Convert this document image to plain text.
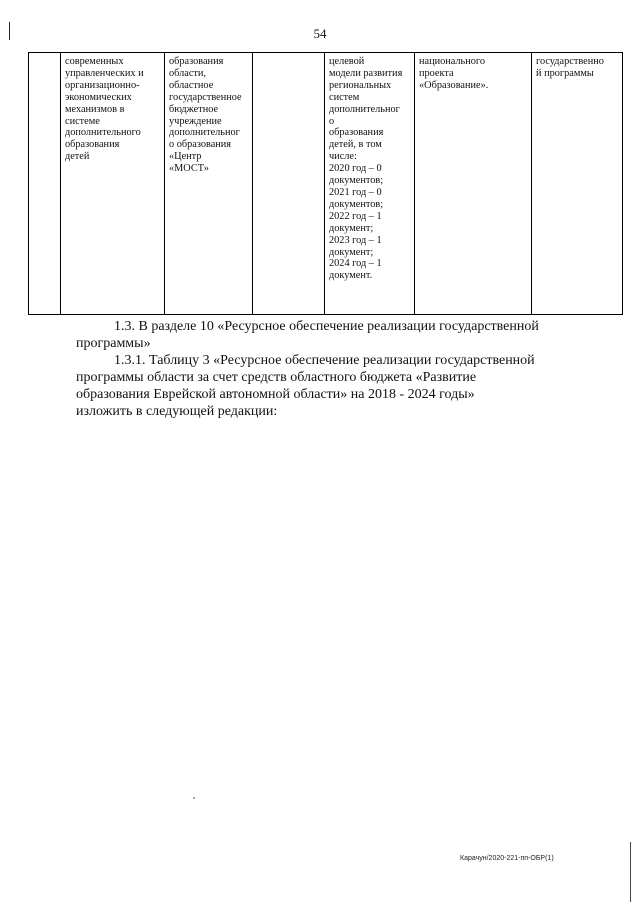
54
	современных
управленческих и
организационно-
экономических
механизмов в
системе
дополнительного
образования
детей	образования
области,
областное
государственное
бюджетное
учреждение
дополнительног
о образования
«Центр
«МОСТ»		целевой
модели развития
региональных
систем
дополнительног
о
образования
детей, в том
числе:
2020 год – 0
документов;
2021 год – 0
документов;
2022 год – 1
документ;
2023 год – 1
документ;
2024 год – 1
документ.	национального
проекта
«Образование».	государственно
й программы

1.3. В разделе 10 «Ресурсное обеспечение реализации государственной

программы»

1.3.1. Таблицу 3 «Ресурсное обеспечение реализации государственной

программы области за счет средств областного бюджета «Развитие

образования Еврейской автономной области» на 2018 - 2024 годы»

изложить в следующей редакции:

Карачун/2020-221-пп-ОБР(1)
